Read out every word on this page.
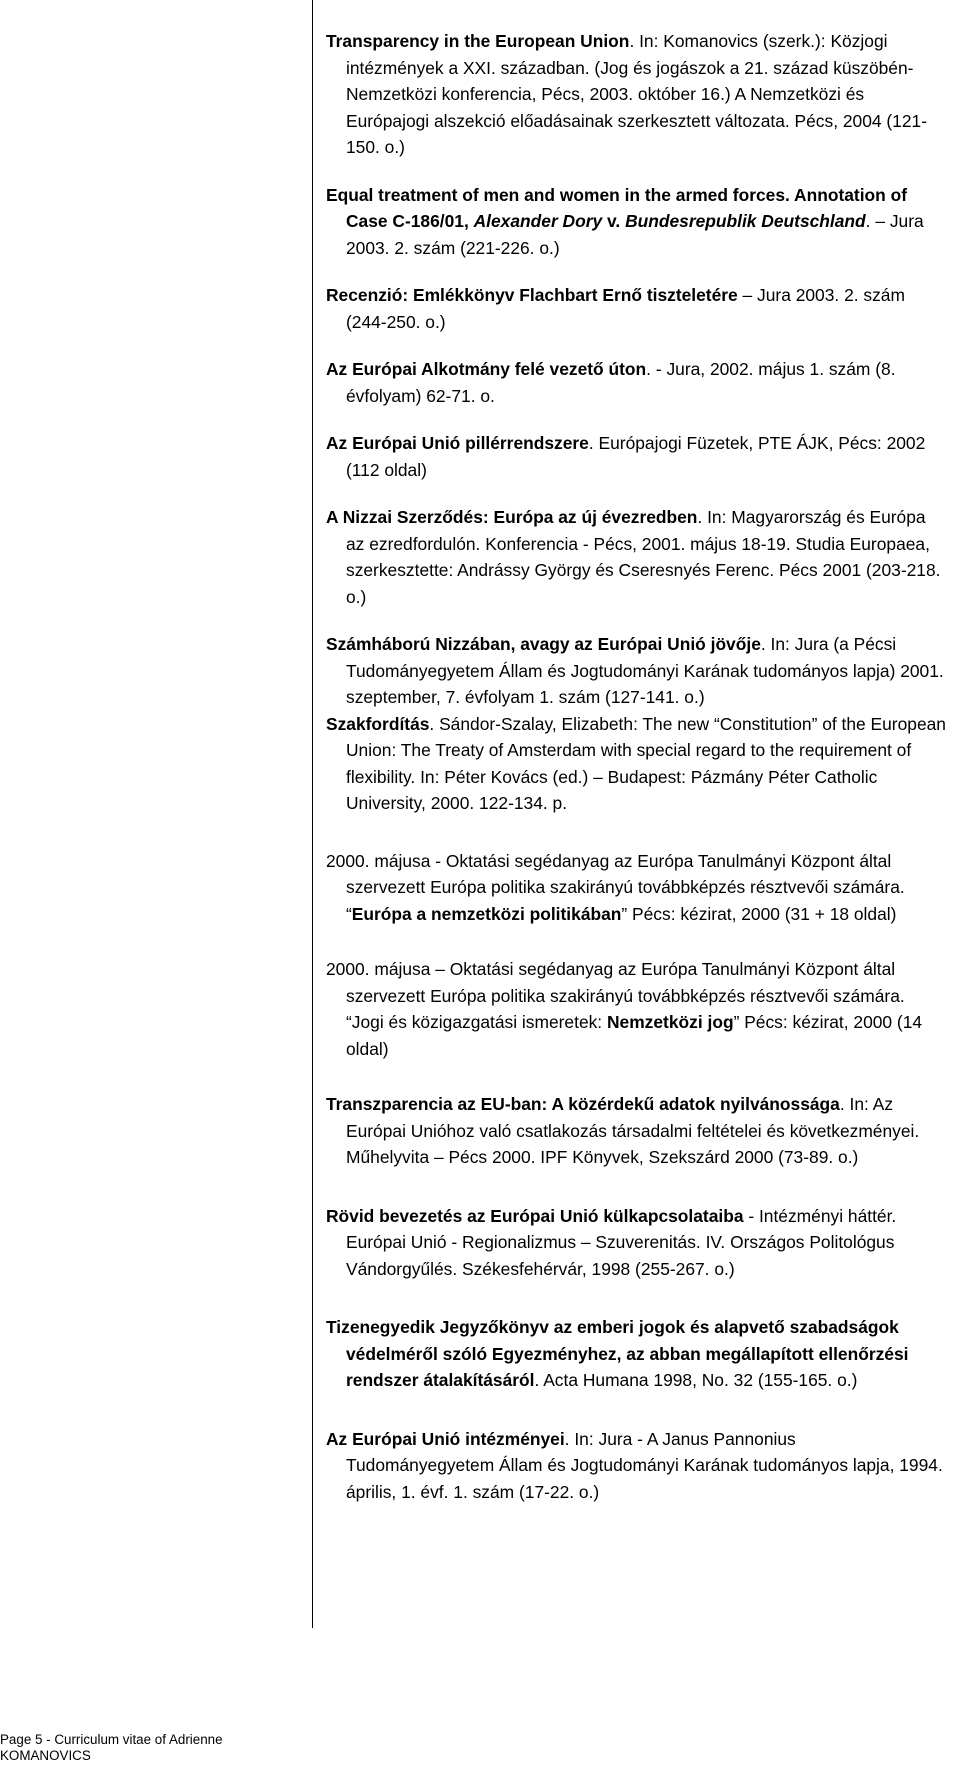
Transparency in the European Union. In: Komanovics (szerk.): Közjogi intézmények a XXI. században. (Jog és jogászok a 21. század küszöbén- Nemzetközi konferencia, Pécs, 2003. október 16.) A Nemzetközi és Európajogi alszekció előadásainak szerkesztett változata. Pécs, 2004 (121-150. o.)

Equal treatment of men and women in the armed forces. Annotation of Case C-186/01, Alexander Dory v. Bundesrepublik Deutschland. – Jura 2003. 2. szám (221-226. o.)

Recenzió: Emlékkönyv Flachbart Ernő tiszteletére – Jura 2003. 2. szám (244-250. o.)

Az Európai Alkotmány felé vezető úton. - Jura, 2002. május 1. szám (8. évfolyam) 62-71. o.

Az Európai Unió pillérrendszere. Európajogi Füzetek, PTE ÁJK, Pécs: 2002 (112 oldal)

A Nizzai Szerződés: Európa az új évezredben. In: Magyarország és Európa az ezredfordulón. Konferencia - Pécs, 2001. május 18-19. Studia Europaea, szerkesztette: Andrássy György és Cseresnyés Ferenc. Pécs 2001 (203-218. o.)

Számháború Nizzában, avagy az Európai Unió jövője. In: Jura (a Pécsi Tudományegyetem Állam és Jogtudományi Karának tudományos lapja) 2001. szeptember, 7. évfolyam 1. szám (127-141. o.)

Szakfordítás. Sándor-Szalay, Elizabeth: The new “Constitution” of the European Union: The Treaty of Amsterdam with special regard to the requirement of flexibility. In: Péter Kovács (ed.) – Budapest: Pázmány Péter Catholic University, 2000. 122-134. p.

2000. májusa - Oktatási segédanyag az Európa Tanulmányi Központ által szervezett Európa politika szakirányú továbbképzés résztvevői számára. “Európa a nemzetközi politikában” Pécs: kézirat, 2000 (31 + 18 oldal)

2000. májusa – Oktatási segédanyag az Európa Tanulmányi Központ által szervezett Európa politika szakirányú továbbképzés résztvevői számára. “Jogi és közigazgatási ismeretek: Nemzetközi jog” Pécs: kézirat, 2000 (14 oldal)

Transzparencia az EU-ban: A közérdekű adatok nyilvánossága. In: Az Európai Unióhoz való csatlakozás társadalmi feltételei és következményei. Műhelyvita – Pécs 2000. IPF Könyvek, Szekszárd 2000 (73-89. o.)

Rövid bevezetés az Európai Unió külkapcsolataiba - Intézményi háttér. Európai Unió - Regionalizmus – Szuverenitás. IV. Országos Politológus Vándorgyűlés. Székesfehérvár, 1998 (255-267. o.)

Tizenegyedik Jegyzőkönyv az emberi jogok és alapvető szabadságok védelméről szóló Egyezményhez, az abban megállapított ellenőrzési rendszer átalakításáról. Acta Humana 1998, No. 32 (155-165. o.)

Az Európai Unió intézményei. In: Jura - A Janus Pannonius Tudományegyetem Állam és Jogtudományi Karának tudományos lapja, 1994. április, 1. évf. 1. szám (17-22. o.)

Page 5 - Curriculum vitae of Adrienne KOMANOVICS
